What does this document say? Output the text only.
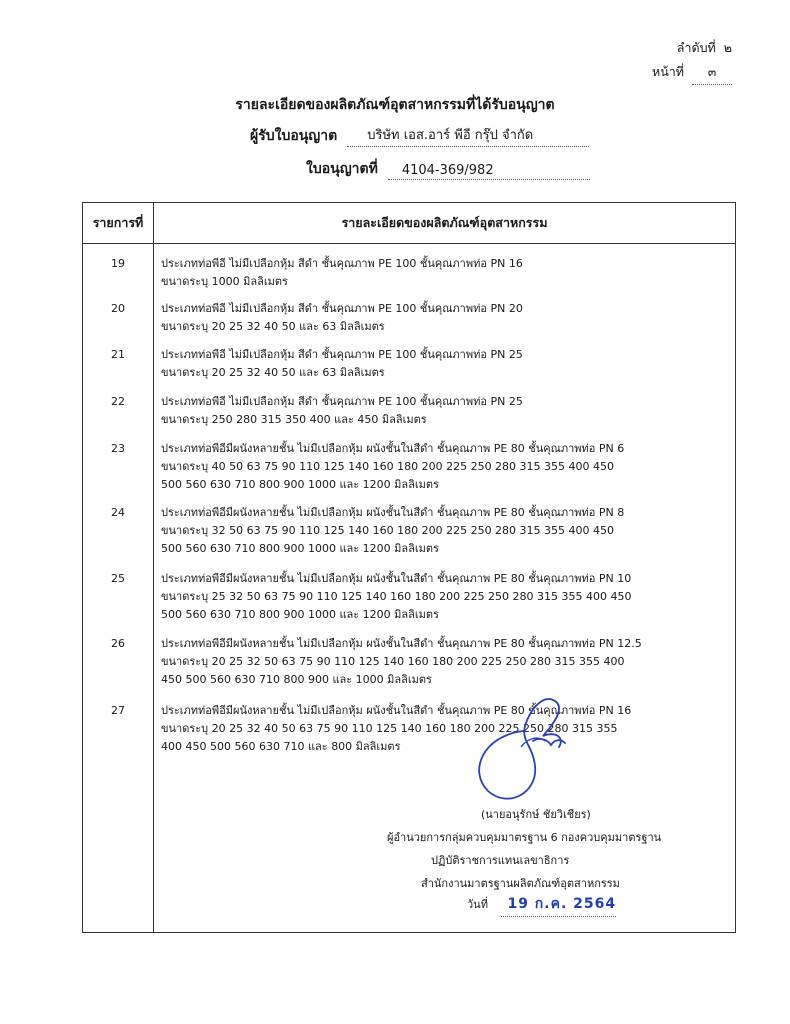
ลำดับที่ ๒
หน้าที่ ๓
รายละเอียดของผลิตภัณฑ์อุตสาหกรรมที่ได้รับอนุญาต
ผู้รับใบอนุญาต	บริษัท เอส.อาร์ พีอี กรุ๊ป จำกัด
ใบอนุญาตที่	4104-369/982
รายการที่	รายละเอียดของผลิตภัณฑ์อุตสาหกรรม
19	ประเภทท่อพีอี ไม่มีเปลือกหุ้ม สีดำ ชั้นคุณภาพ PE 100 ชั้นคุณภาพท่อ PN 16
ขนาดระบุ 1000 มิลลิเมตร
20	ประเภทท่อพีอี ไม่มีเปลือกหุ้ม สีดำ ชั้นคุณภาพ PE 100 ชั้นคุณภาพท่อ PN 20
ขนาดระบุ 20 25 32 40 50 และ 63 มิลลิเมตร
21	ประเภทท่อพีอี ไม่มีเปลือกหุ้ม สีดำ ชั้นคุณภาพ PE 100 ชั้นคุณภาพท่อ PN 25
ขนาดระบุ 20 25 32 40 50 และ 63 มิลลิเมตร
22	ประเภทท่อพีอี ไม่มีเปลือกหุ้ม สีดำ ชั้นคุณภาพ PE 100 ชั้นคุณภาพท่อ PN 25
ขนาดระบุ 250 280 315 350 400 และ 450 มิลลิเมตร
23	ประเภทท่อพีอีมีผนังหลายชั้น ไม่มีเปลือกหุ้ม ผนังชั้นในสีดำ ชั้นคุณภาพ PE 80 ชั้นคุณภาพท่อ PN 6
ขนาดระบุ 40 50 63 75 90 110 125 140 160 180 200 225 250 280 315 355 400 450
500 560 630 710 800 900 1000 และ 1200 มิลลิเมตร
24	ประเภทท่อพีอีมีผนังหลายชั้น ไม่มีเปลือกหุ้ม ผนังชั้นในสีดำ ชั้นคุณภาพ PE 80 ชั้นคุณภาพท่อ PN 8
ขนาดระบุ 32 50 63 75 90 110 125 140 160 180 200 225 250 280 315 355 400 450
500 560 630 710 800 900 1000 และ 1200 มิลลิเมตร
25	ประเภทท่อพีอีมีผนังหลายชั้น ไม่มีเปลือกหุ้ม ผนังชั้นในสีดำ ชั้นคุณภาพ PE 80 ชั้นคุณภาพท่อ PN 10
ขนาดระบุ 25 32 50 63 75 90 110 125 140 160 180 200 225 250 280 315 355 400 450
500 560 630 710 800 900 1000 และ 1200 มิลลิเมตร
26	ประเภทท่อพีอีมีผนังหลายชั้น ไม่มีเปลือกหุ้ม ผนังชั้นในสีดำ ชั้นคุณภาพ PE 80 ชั้นคุณภาพท่อ PN 12.5
ขนาดระบุ 20 25 32 50 63 75 90 110 125 140 160 180 200 225 250 280 315 355 400
450 500 560 630 710 800 900 และ 1000 มิลลิเมตร
27	ประเภทท่อพีอีมีผนังหลายชั้น ไม่มีเปลือกหุ้ม ผนังชั้นในสีดำ ชั้นคุณภาพ PE 80 ชั้นคุณภาพท่อ PN 16
ขนาดระบุ 20 25 32 40 50 63 75 90 110 125 140 160 180 200 225 250 280 315 355
400 450 500 560 630 710 และ 800 มิลลิเมตร
(นายอนุรักษ์ ชัยวิเชียร)
ผู้อำนวยการกลุ่มควบคุมมาตรฐาน 6 กองควบคุมมาตรฐาน
ปฏิบัติราชการแทนเลขาธิการ
สำนักงานมาตรฐานผลิตภัณฑ์อุตสาหกรรม
วันที่ 19 ก.ค. 2564
